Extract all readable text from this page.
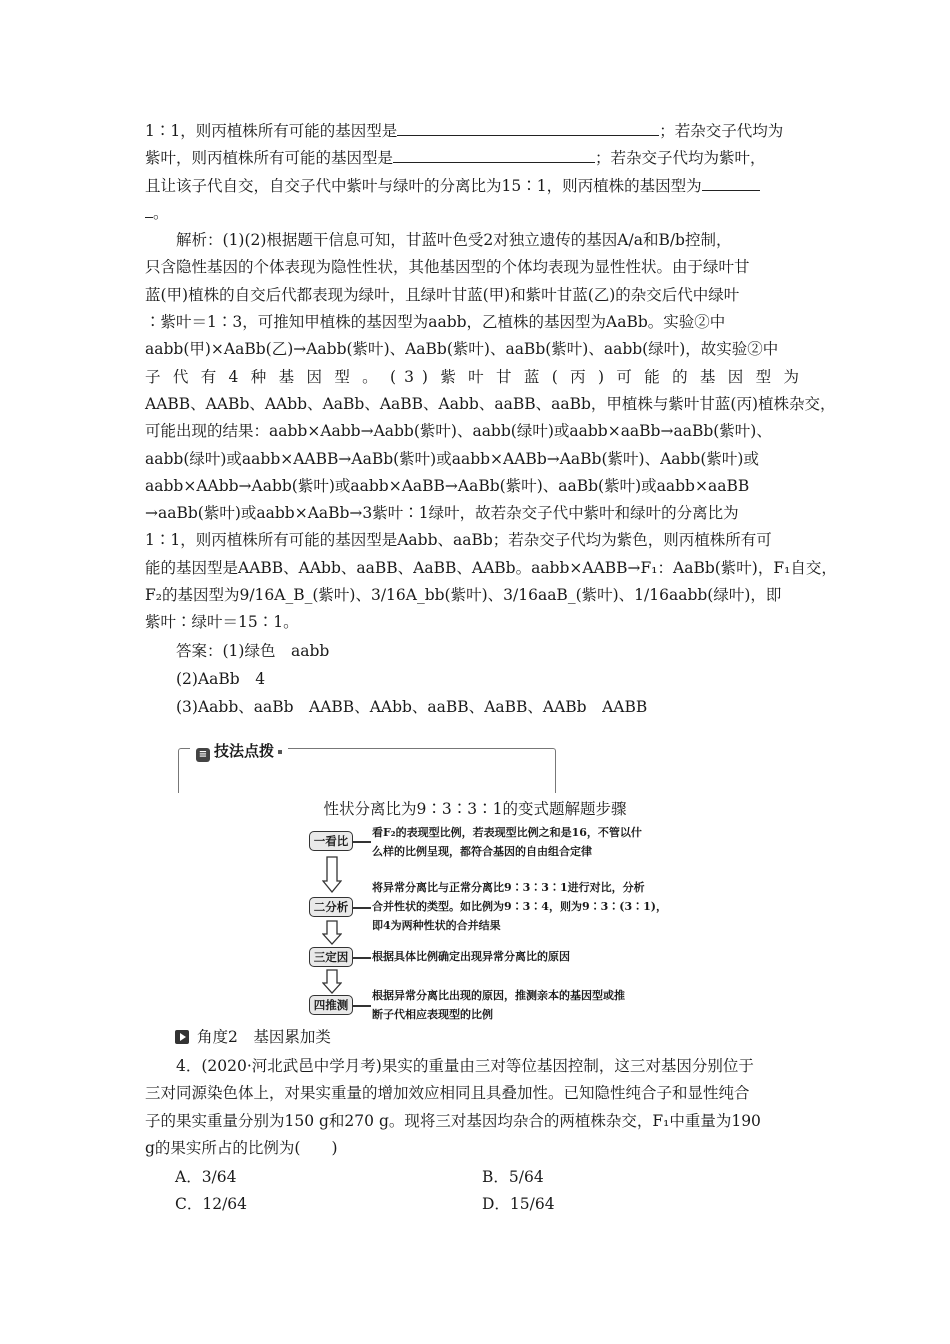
1∶1，则丙植株所有可能的基因型是	；若杂交子代均为
紫叶，则丙植株所有可能的基因型是	；若杂交子代均为紫叶，
且让该子代自交，自交子代中紫叶与绿叶的分离比为15∶1，则丙植株的基因型为
。
解析：(1)(2)根据题干信息可知，甘蓝叶色受2对独立遗传的基因A/a和B/b控制，
只含隐性基因的个体表现为隐性性状，其他基因型的个体均表现为显性性状。由于绿叶甘
蓝(甲)植株的自交后代都表现为绿叶，且绿叶甘蓝(甲)和紫叶甘蓝(乙)的杂交后代中绿叶
∶紫叶＝1∶3，可推知甲植株的基因型为aabb，乙植株的基因型为AaBb。实验②中
aabb(甲)×AaBb(乙)→Aabb(紫叶)、AaBb(紫叶)、aaBb(紫叶)、aabb(绿叶)，故实验②中
子代有4种基因型。(3)紫叶甘蓝(丙)可能的基因型为
AABB、AABb、AAbb、AaBb、AaBB、Aabb、aaBB、aaBb，甲植株与紫叶甘蓝(丙)植株杂交，
可能出现的结果：aabb×Aabb→Aabb(紫叶)、aabb(绿叶)或aabb×aaBb→aaBb(紫叶)、
aabb(绿叶)或aabb×AABB→AaBb(紫叶)或aabb×AABb→AaBb(紫叶)、Aabb(紫叶)或
aabb×AAbb→Aabb(紫叶)或aabb×AaBB→AaBb(紫叶)、aaBb(紫叶)或aabb×aaBB
→aaBb(紫叶)或aabb×AaBb→3紫叶∶1绿叶，故若杂交子代中紫叶和绿叶的分离比为
1∶1，则丙植株所有可能的基因型是Aabb、aaBb；若杂交子代均为紫色，则丙植株所有可
能的基因型是AABB、AAbb、aaBB、AaBB、AABb。aabb×AABB→F₁：AaBb(紫叶)，F₁自交，
F₂的基因型为9/16A_B_(紫叶)、3/16A_bb(紫叶)、3/16aaB_(紫叶)、1/16aabb(绿叶)，即
紫叶∶绿叶＝15∶1。
答案：(1)绿色　aabb
(2)AaBb　4
(3)Aabb、aaBb　AABB、AAbb、aaBB、AaBB、AABb　AABB
≡ 技法点拨
性状分离比为9∶3∶3∶1的变式题解题步骤
一看比
看F₂的表现型比例，若表现型比例之和是16，不管以什
么样的比例呈现，都符合基因的自由组合定律
二分析
将异常分离比与正常分离比9∶3∶3∶1进行对比，分析
合并性状的类型。如比例为9∶3∶4，则为9∶3∶(3∶1)，
即4为两种性状的合并结果
三定因	根据具体比例确定出现异常分离比的原因
四推测
根据异常分离比出现的原因，推测亲本的基因型或推
断子代相应表现型的比例
角度2　基因累加类
4．(2020·河北武邑中学月考)果实的重量由三对等位基因控制，这三对基因分别位于
三对同源染色体上，对果实重量的增加效应相同且具叠加性。已知隐性纯合子和显性纯合
子的果实重量分别为150 g和270 g。现将三对基因均杂合的两植株杂交，F₁中重量为190
g的果实所占的比例为(　　)
A．3/64	B．5/64
C．12/64	D．15/64
